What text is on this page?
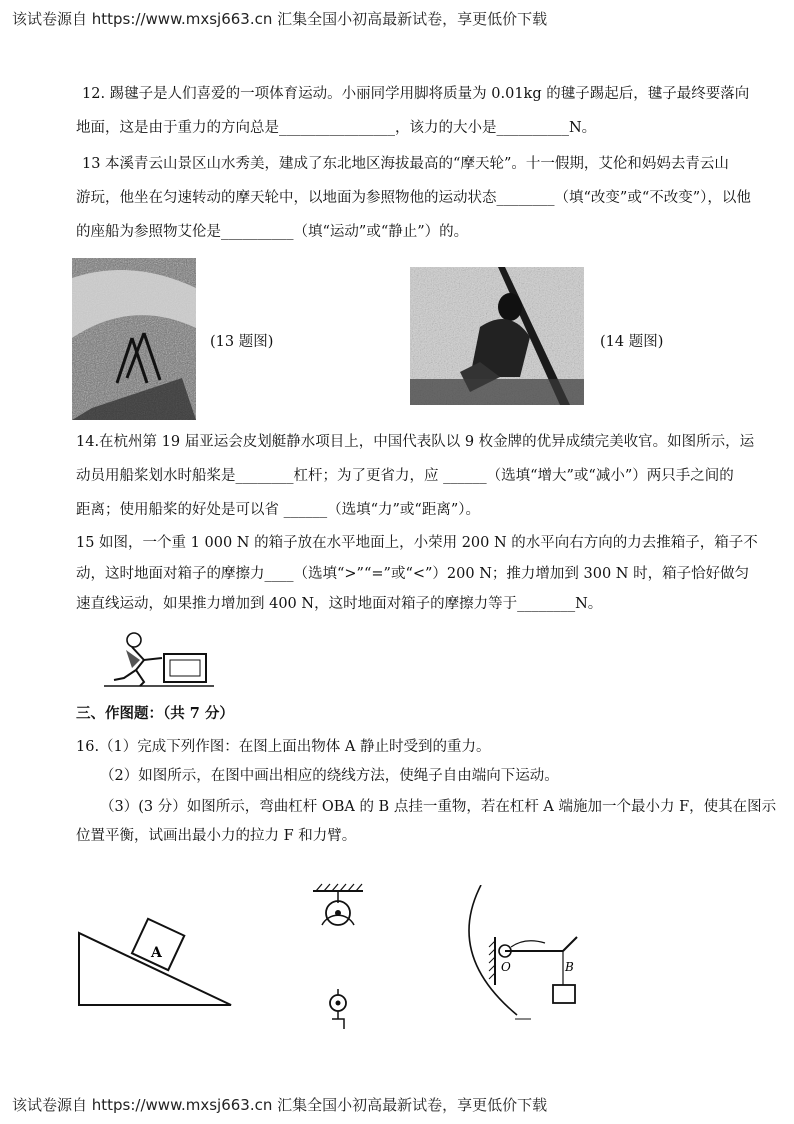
该试卷源自 https://www.mxsj663.cn 汇集全国小初高最新试卷，享更低价下载
12. 踢毽子是人们喜爱的一项体育运动。小丽同学用脚将质量为 0.01kg 的毽子踢起后，毽子最终要落向
地面，这是由于重力的方向总是________________，该力的大小是__________N。
13 本溪青云山景区山水秀美，建成了东北地区海拔最高的“摩天轮”。十一假期，艾伦和妈妈去青云山
游玩，他坐在匀速转动的摩天轮中，以地面为参照物他的运动状态________（填“改变”或“不改变”），以他
的座船为参照物艾伦是__________（填“运动”或“静止”）的。
(13 题图)	(14 题图)
14.在杭州第 19 届亚运会皮划艇静水项目上，中国代表队以 9 枚金牌的优异成绩完美收官。如图所示，运
动员用船桨划水时船桨是________杠杆；为了更省力，应 ______（选填“增大”或“减小”）两只手之间的
距离；使用船桨的好处是可以省 ______（选填“力”或“距离”）。
15 如图，一个重 1 000 N 的箱子放在水平地面上，小荣用 200 N 的水平向右方向的力去推箱子，箱子不
动，这时地面对箱子的摩擦力____（选填“>”“=”或“<”）200 N；推力增加到 300 N 时，箱子恰好做匀
速直线运动，如果推力增加到 400 N，这时地面对箱子的摩擦力等于________N。
三、作图题：（共 7 分）
16.（1）完成下列作图：在图上面出物体 A 静止时受到的重力。
（2）如图所示，在图中画出相应的绕线方法，使绳子自由端向下运动。
（3）(3 分）如图所示，弯曲杠杆 OBA 的 B 点挂一重物，若在杠杆 A 端施加一个最小力 F，使其在图示
位置平衡，试画出最小力的拉力 F 和力臂。
A
O	B
该试卷源自 https://www.mxsj663.cn 汇集全国小初高最新试卷，享更低价下载
